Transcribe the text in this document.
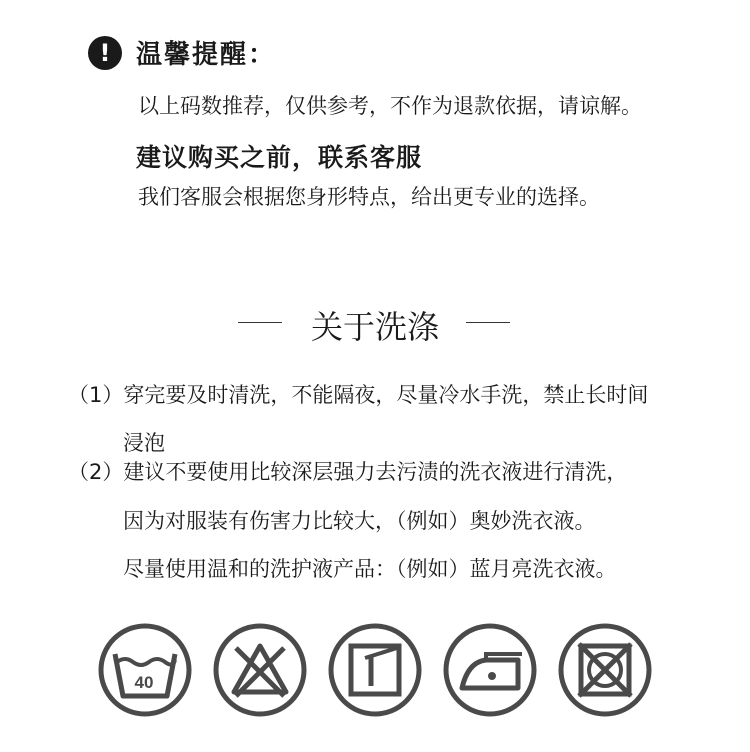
! 温馨提醒：
以上码数推荐，仅供参考，不作为退款依据，请谅解。
建议购买之前，联系客服
我们客服会根据您身形特点，给出更专业的选择。
关于洗涤
（1）穿完要及时清洗，不能隔夜，尽量冷水手洗，禁止长时间
浸泡
（2）建议不要使用比较深层强力去污渍的洗衣液进行清洗，
因为对服装有伤害力比较大，（例如）奥妙洗衣液。
尽量使用温和的洗护液产品：（例如）蓝月亮洗衣液。
40
